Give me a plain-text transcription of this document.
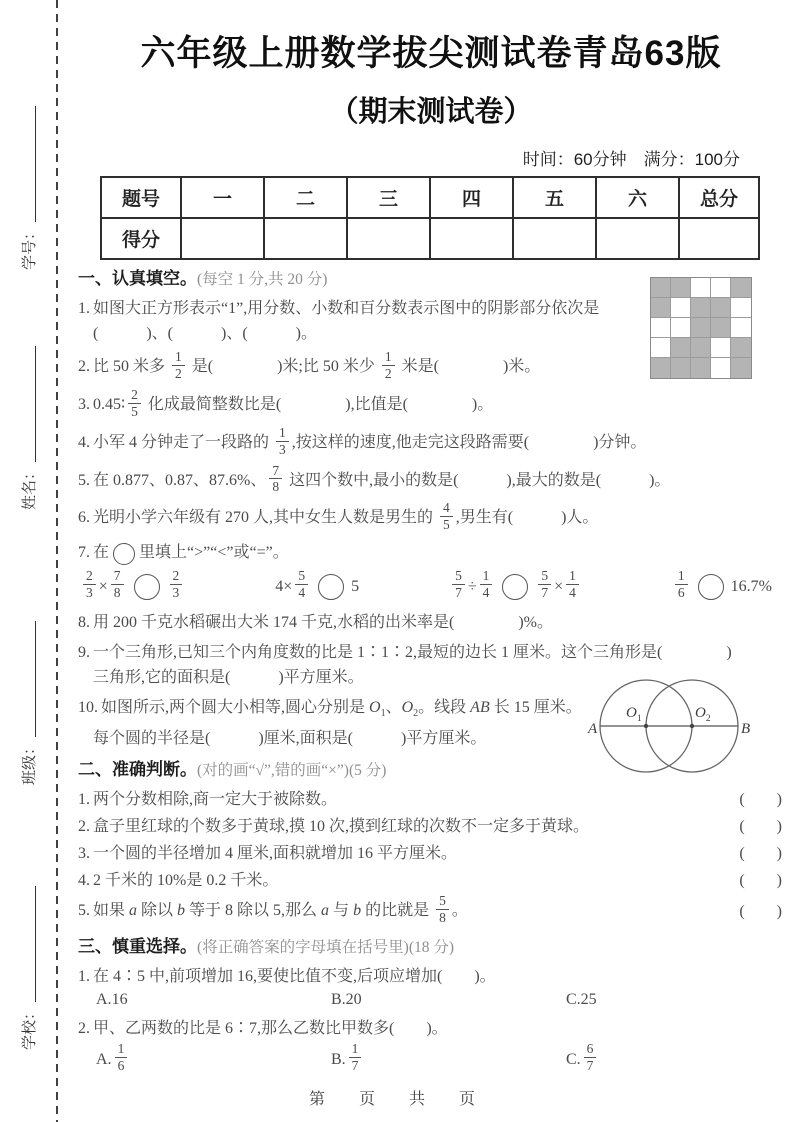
学号：
姓名：
班级：
学校：
六年级上册数学拔尖测试卷青岛63版
（期末测试卷）
时间：60分钟　满分：100分
题号	一	二	三	四	五	六	总分
得分							
一、认真填空。(每空 1 分,共 20 分)
1. 如图大正方形表示“1”,用分数、小数和百分数表示图中的阴影部分依次是
(　　　)、(　　　)、(　　　)。
2. 比 50 米多 $\frac{1}{2}$ 是(　　　　)米;比 50 米少 $\frac{1}{2}$ 米是(　　　　)米。
3. 0.45∶ $\frac{2}{5}$ 化成最简整数比是(　　　　),比值是(　　　　)。
4. 小军 4 分钟走了一段路的 $\frac{1}{3}$ ,按这样的速度,他走完这段路需要(　　　　)分钟。
5. 在 0.877、0.87、87.6%、 $\frac{7}{8}$ 这四个数中,最小的数是(　　　),最大的数是(　　　)。
6. 光明小学六年级有 270 人,其中女生人数是男生的 $\frac{4}{5}$ ,男生有(　　　)人。
7. 在 里填上“>”“<”或“=”。
$\frac{2}{3} \times \frac{7}{8}$	$\frac{2}{3}$	$4\times \frac{5}{4}$	5	$\frac{5}{7} \div \frac{1}{4}$	$\frac{5}{7} \times \frac{1}{4}$	$\frac{1}{6}$	16.7%
8. 用 200 千克水稻碾出大米 174 千克,水稻的出米率是(　　　　)%。
9. 一个三角形,已知三个内角度数的比是 1∶1∶2,最短的边长 1 厘米。这个三角形是(　　　　)
三角形,它的面积是(　　　)平方厘米。
10. 如图所示,两个圆大小相等,圆心分别是 $O_1$、$O_2$。线段 AB 长 15 厘米。
每个圆的半径是(　　　)厘米,面积是(　　　)平方厘米。
二、准确判断。(对的画“√”,错的画“×”)(5 分)
1. 两个分数相除,商一定大于被除数。	(　　)
2. 盒子里红球的个数多于黄球,摸 10 次,摸到红球的次数不一定多于黄球。	(　　)
3. 一个圆的半径增加 4 厘米,面积就增加 16 平方厘米。	(　　)
4. 2 千米的 10%是 0.2 千米。	(　　)
5. 如果 a 除以 b 等于 8 除以 5,那么 a 与 b 的比就是 $\frac{5}{8}$ 。	(　　)
三、慎重选择。(将正确答案的字母填在括号里)(18 分)
1. 在 4∶5 中,前项增加 16,要使比值不变,后项应增加(　　)。
A. 16	B. 20	C. 25
2. 甲、乙两数的比是 6∶7,那么乙数比甲数多(　　)。
A. $\frac{1}{6}$	B. $\frac{1}{7}$	C. $\frac{6}{7}$
A	B
$O_1$	$O_2$
第　页　共　页
